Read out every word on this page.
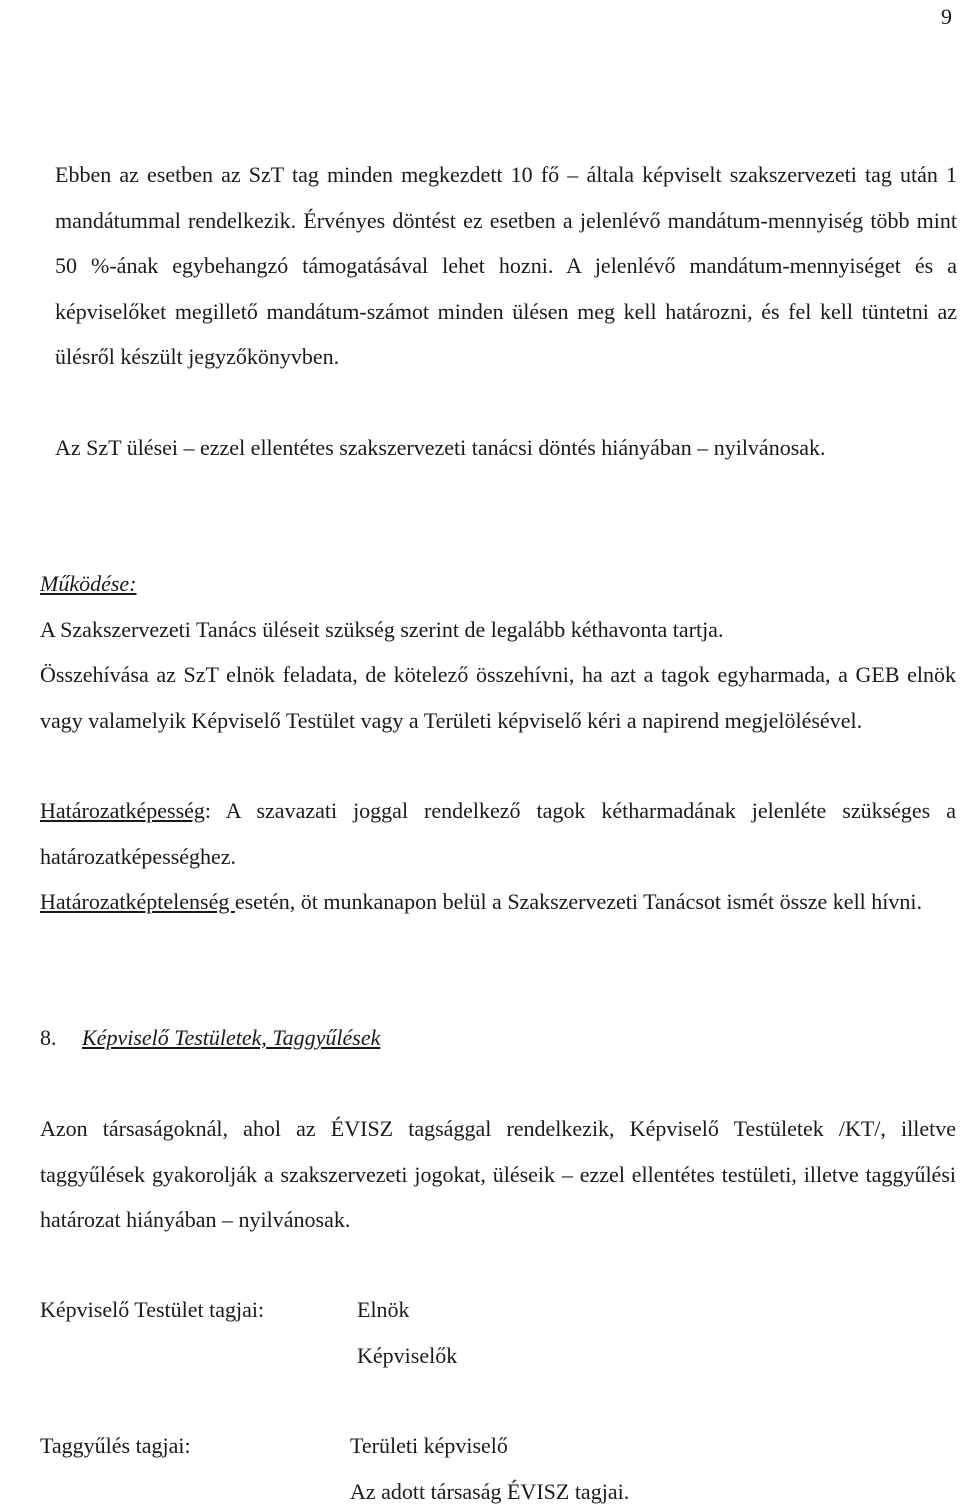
9

Ebben az esetben az SzT tag minden megkezdett 10 fő – általa képviselt szakszervezeti tag után 1 mandátummal rendelkezik. Érvényes döntést ez esetben a jelenlévő mandátum-mennyiség több mint 50 %-ának egybehangzó támogatásával lehet hozni. A jelenlévő mandátum-mennyiséget és a képviselőket megillető mandátum-számot minden ülésen meg kell határozni, és fel kell tüntetni az ülésről készült jegyzőkönyvben.

Az SzT ülései – ezzel ellentétes szakszervezeti tanácsi döntés hiányában – nyilvánosak.

Működése:

A Szakszervezeti Tanács üléseit szükség szerint de legalább kéthavonta tartja.

Összehívása az SzT elnök feladata, de kötelező összehívni, ha azt a tagok egyharmada, a GEB elnök vagy valamelyik Képviselő Testület vagy a Területi képviselő kéri a napirend megjelölésével.

Határozatképesség: A szavazati joggal rendelkező tagok kétharmadának jelenléte szükséges a határozatképességhez.

Határozatképtelenség esetén, öt munkanapon belül a Szakszervezeti Tanácsot ismét össze kell hívni.

8. Képviselő Testületek, Taggyűlések

Azon társaságoknál, ahol az ÉVISZ tagsággal rendelkezik, Képviselő Testületek /KT/, illetve taggyűlések gyakorolják a szakszervezeti jogokat, üléseik – ezzel ellentétes testületi, illetve taggyűlési határozat hiányában – nyilvánosak.

Képviselő Testület tagjai:	Elnök
Képviselők
Taggyűlés tagjai:	Területi képviselő
Az adott társaság ÉVISZ tagjai.
